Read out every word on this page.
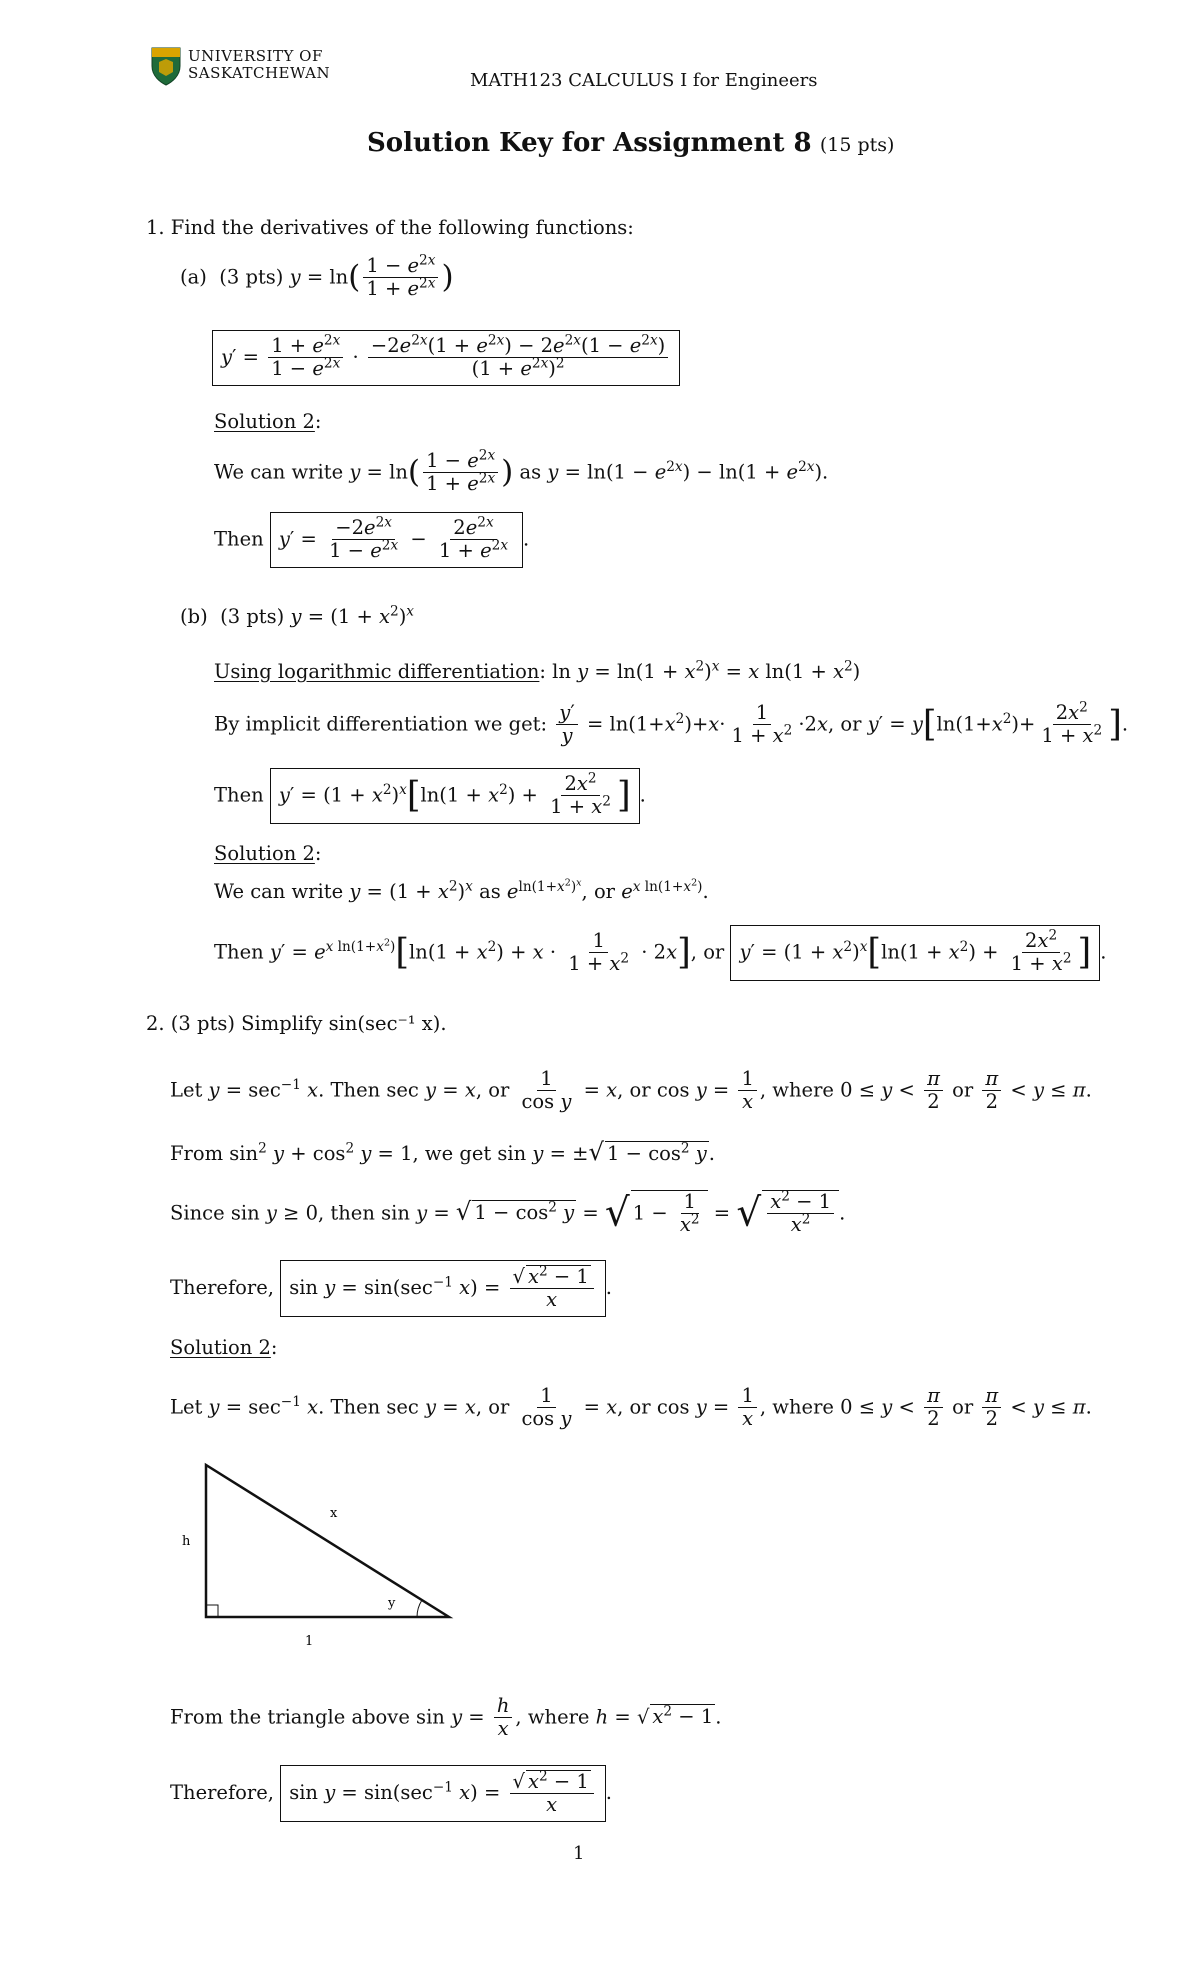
UNIVERSITY OF
SASKATCHEWAN	MATH123 CALCULUS I for Engineers
Solution Key for Assignment 8 (15 pts)
1. Find the derivatives of the following functions:
(a) (3 pts) $y = \ln( \frac{1 - e^{2x}}{1 + e^{2x}}$ )
$y' = \frac{1 + e^{2x}}{1 - e^{2x}} \cdot \frac{-2e^{2x}(1 + e^{2x}) - 2e^{2x}(1 - e^{2x})}{(1 + e^{2x})^2}$
Solution 2:
We can write $y = \ln( \frac{1 - e^{2x}}{1 + e^{2x}}$ ) as $y = \ln(1 - e^{2x}) - \ln(1 + e^{2x})$.
Then $y' = \frac{-2e^{2x}}{1 - e^{2x}} - \frac{2e^{2x}}{1 + e^{2x}}$ .
(b) (3 pts) $y = (1 + x^2)^x$
Using logarithmic differentiation: $\ln y = \ln(1 + x^2)^x = x$ $\ln(1 + x^2)$
By implicit differentiation we get: $\frac{y'}{y} = \ln(1+x^2)+x\cdot \frac{1}{1 + x^2} \cdot 2x$, or $y' = y[\ln(1+x^2)+ \frac{2x^2}{1 + x^2}$ ].
Then $y' = (1 + x^2)^x[\ln(1 + x^2) + \frac{2x^2}{1 + x^2}$ ] .
Solution 2:
We can write $y = (1 + x^2)^x$ as $e^{ln(1+x^2)^x}$, or $e^{x ln(1+x^2)}$.
Then $y' = e^{x ln(1+x^2)}[\ln(1 + x^2) + x \cdot \frac{1}{1 + x^2} \cdot 2x]$, or $y' = (1 + x^2)^x[\ln(1 + x^2) + \frac{2x^2}{1 + x^2}$ ] .
2. (3 pts) Simplify sin(sec⁻¹ x).
Let $y = \sec^{-1} x$. Then sec y = x, or $\frac{1}{\text{cos y}} = x$, or $\cos y = \frac{1}{x}$ , where $0 \le y < \frac{\pi}{2}$ or $\frac{\pi}{2} < y \le \pi$.
From $\sin^2 y + \cos^2 y = 1$, we get sin y = ±√ $1 - \cos^2 y$ .
Since sin y ≥ 0, then sin y = √ $1 - \cos^2 y$ = √ $1 - \frac{1}{x^2}$ = √ $\frac{x^2 - 1}{x^2}$ .
Therefore, $\sin y = \sin(\sec^{-1}$ $x) = \frac{√ x^2 - 1}{x}$ .
Solution 2:
Let $y = \sec^{-1} x$. Then sec y = x, or $\frac{1}{\text{cos y}} = x$, or $\cos y = \frac{1}{x}$ , where $0 \le y < \frac{\pi}{2}$ or $\frac{\pi}{2} < y \le \pi$.
h
x
y
1
From the triangle above $\sin y = \frac{h}{x}$ , where h = √ $x^2 - 1$ .
Therefore, $\sin y = \sin(\sec^{-1}$ $x) = \frac{√ x^2 - 1}{x}$ .
1
